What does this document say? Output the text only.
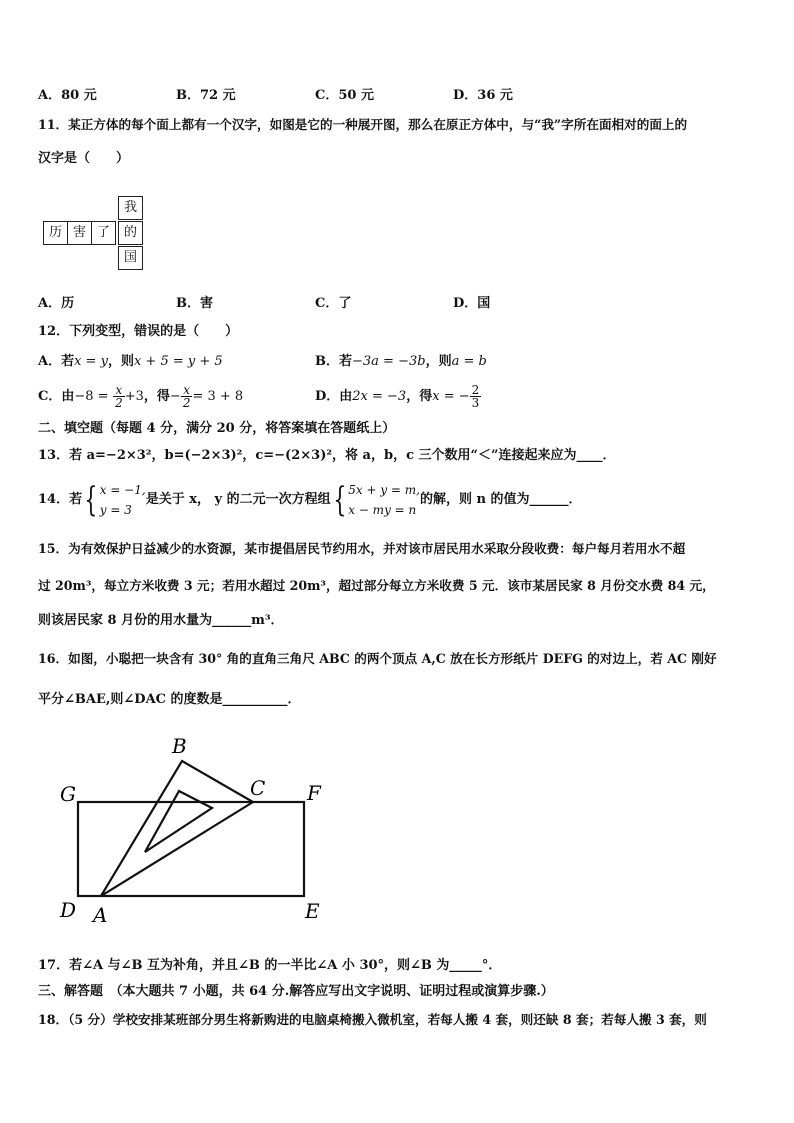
A．80 元	B．72 元	C．50 元	D．36 元
11．某正方体的每个面上都有一个汉字，如图是它的一种展开图，那么在原正方体中，与“我”字所在面相对的面上的
汉字是（　　）
历 害 了
我
的
国
A．历	B．害	C．了	D．国
12．下列变型，错误的是（　　）
A．若x = y，则x + 5 = y + 5	B．若−3a = −3b，则a = b
C．由$-8 = \frac{x}{2} +3$，得− $\frac{x}{2} = 3 + 8$	D．由2x = −3，得x = − $\frac{2}{3}$
二、填空题（每题 4 分，满分 20 分，将答案填在答题纸上）
13．若 a=−2×3²，b=(−2×3)²，c=−(2×3)²，将 a，b，c 三个数用“＜”连接起来应为____．
14．若{ x = −1,
y = 3
是关于 x， y 的二元一次方程组{ 5x + y = m,
x − my = n
的解，则 n 的值为______．
15．为有效保护日益减少的水资源，某市提倡居民节约用水，并对该市居民用水采取分段收费：每户每月若用水不超
过 20m³，每立方米收费 3 元；若用水超过 20m³，超过部分每立方米收费 5 元．该市某居民家 8 月份交水费 84 元，
则该居民家 8 月份的用水量为______m³．
16．如图，小聪把一块含有 30° 角的直角三角尺 ABC 的两个顶点 A,C 放在长方形纸片 DEFG 的对边上，若 AC 刚好
平分∠BAE,则∠DAC 的度数是__________．
B
G	C F
D A	E
17．若∠A 与∠B 互为补角，并且∠B 的一半比∠A 小 30°，则∠B 为_____°．
三、解答题　（本大题共 7 小题，共 64 分.解答应写出文字说明、证明过程或演算步骤.）
18．（5 分）学校安排某班部分男生将新购进的电脑桌椅搬入微机室，若每人搬 4 套，则还缺 8 套；若每人搬 3 套，则
